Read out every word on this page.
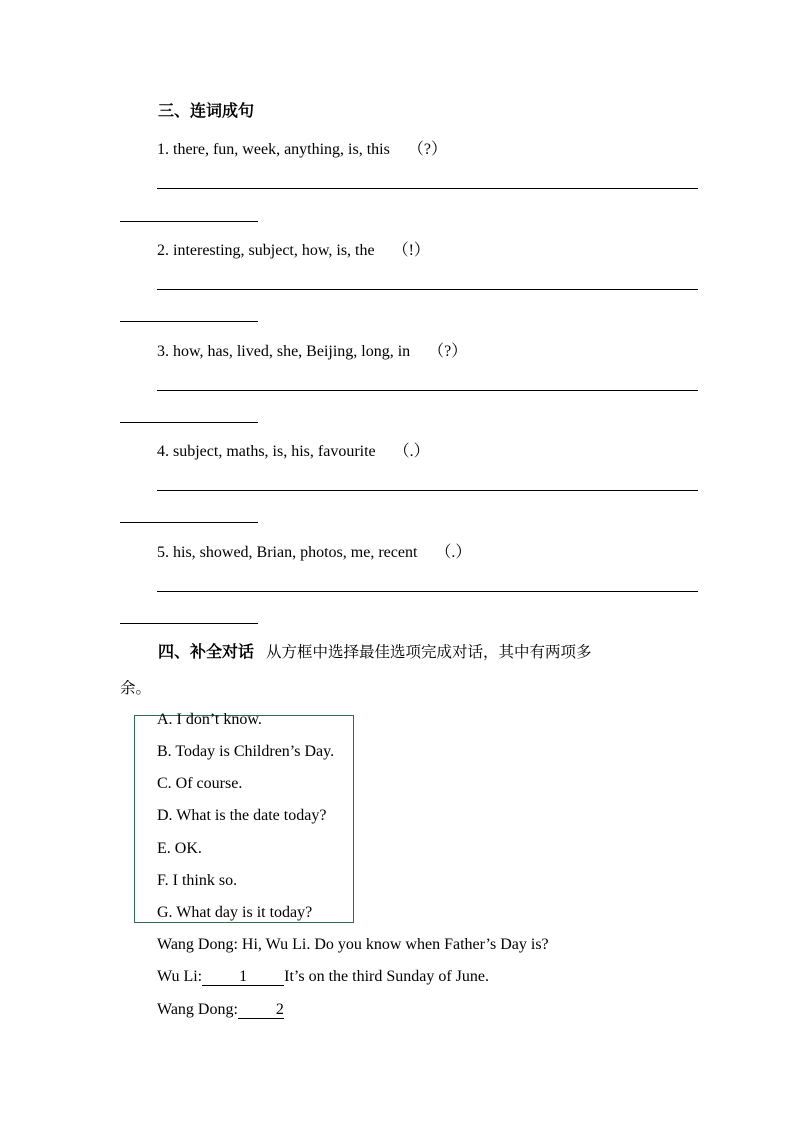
三、连词成句
1. there, fun, week, anything, is, this （?）
2. interesting, subject, how, is, the （!）
3. how, has, lived, she, Beijing, long, in （?）
4. subject, maths, is, his, favourite （.）
5. his, showed, Brian, photos, me, recent （.）
四、补全对话 从方框中选择最佳选项完成对话，其中有两项多
余。
A. I don’t know.
B. Today is Children’s Day.
C. Of course.
D. What is the date today?
E. OK.
F. I think so.
G. What day is it today?
Wang Dong: Hi, Wu Li. Do you know when Father’s Day is?
Wu Li: 1 It’s on the third Sunday of June.
Wang Dong: 2
